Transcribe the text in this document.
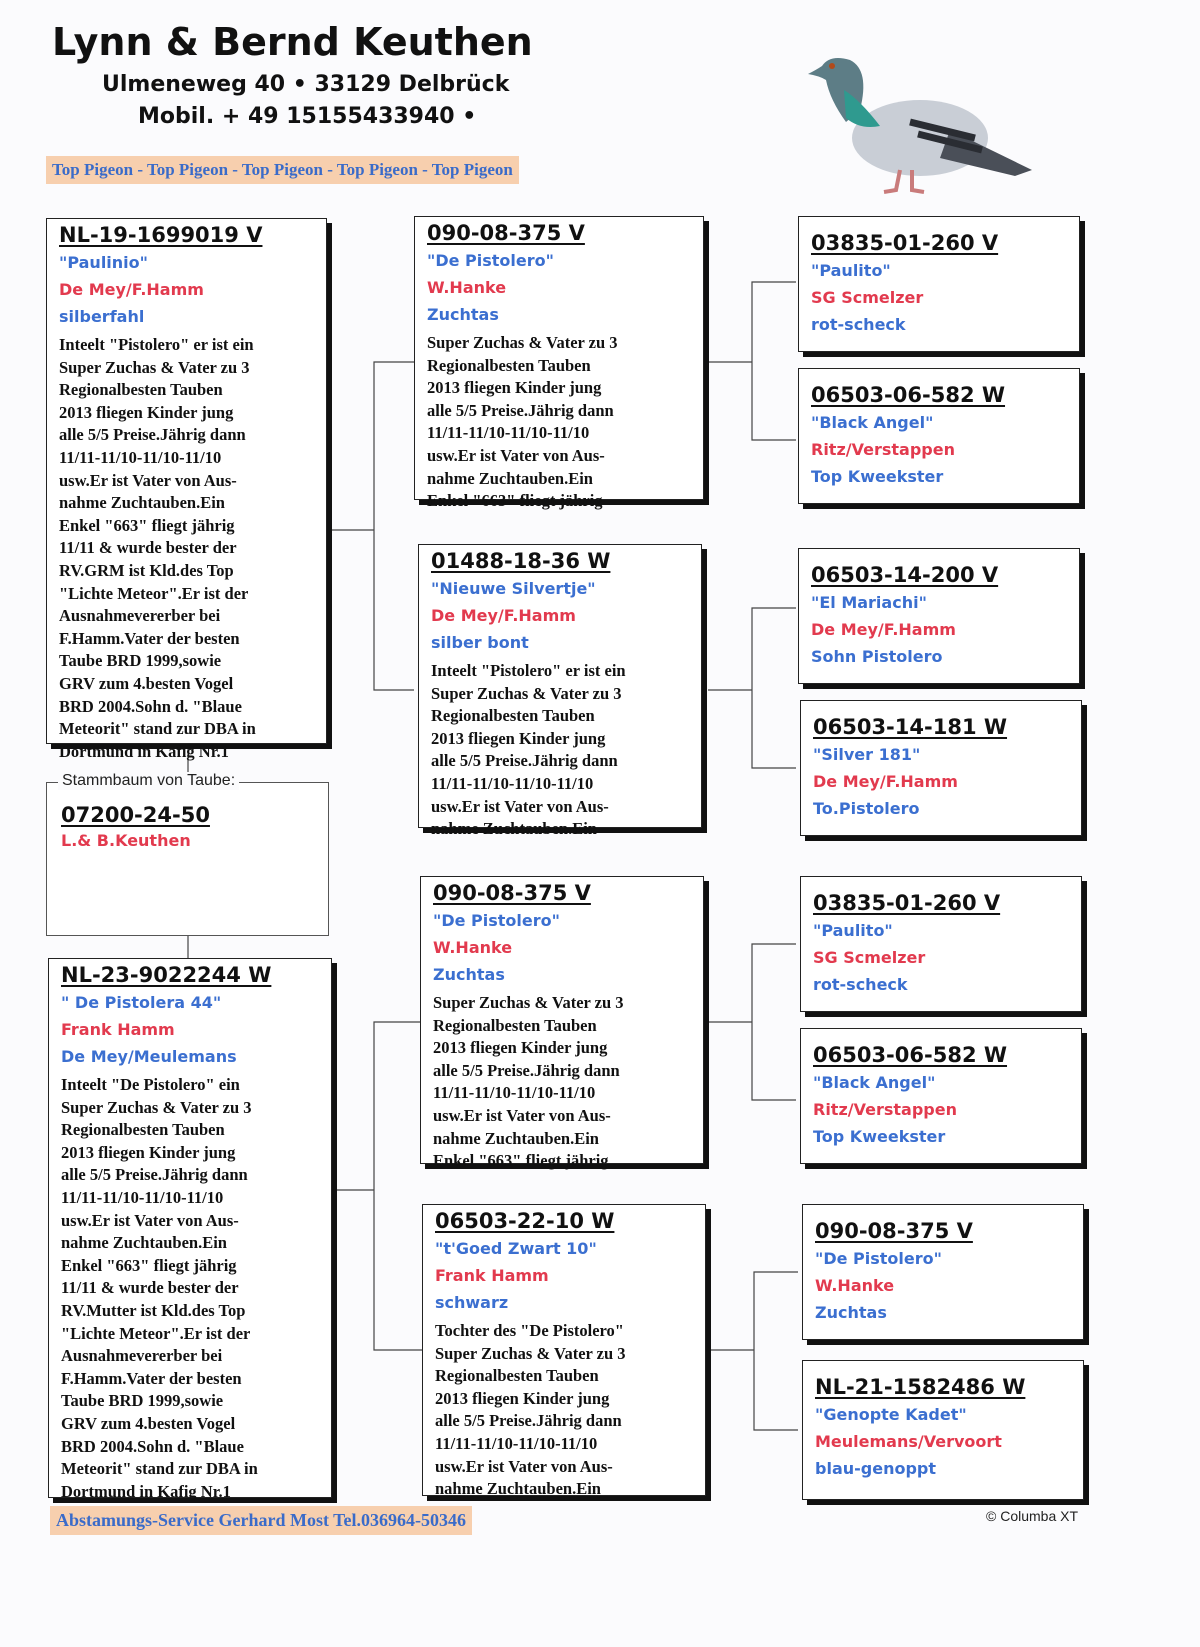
Lynn & Bernd Keuthen
Ulmeneweg 40 • 33129 Delbrück
Mobil. + 49 15155433940 •
Top Pigeon - Top Pigeon - Top Pigeon - Top Pigeon - Top Pigeon
NL-19-1699019 V
"Paulinio"
De Mey/F.Hamm
silberfahl
Inteelt "Pistolero" er ist ein
Super Zuchas & Vater zu 3
Regionalbesten Tauben
2013 fliegen Kinder jung
alle 5/5 Preise.Jährig dann
11/11-11/10-11/10-11/10
usw.Er ist Vater von Aus-
nahme Zuchtauben.Ein
Enkel "663" fliegt jährig
11/11 & wurde bester der
RV.GRM ist Kld.des Top
"Lichte Meteor".Er ist der
Ausnahmevererber bei
F.Hamm.Vater der besten
Taube BRD 1999,sowie
GRV zum 4.besten Vogel
BRD 2004.Sohn d. "Blaue
Meteorit" stand zur DBA in
Dortmund in Kafig Nr.1
07200-24-50
L.& B.Keuthen
Stammbaum von Taube:
NL-23-9022244 W
" De Pistolera 44"
Frank Hamm
De Mey/Meulemans
Inteelt "De Pistolero" ein
Super Zuchas & Vater zu 3
Regionalbesten Tauben
2013 fliegen Kinder jung
alle 5/5 Preise.Jährig dann
11/11-11/10-11/10-11/10
usw.Er ist Vater von Aus-
nahme Zuchtauben.Ein
Enkel "663" fliegt jährig
11/11 & wurde bester der
RV.Mutter ist Kld.des Top
"Lichte Meteor".Er ist der
Ausnahmevererber bei
F.Hamm.Vater der besten
Taube BRD 1999,sowie
GRV zum 4.besten Vogel
BRD 2004.Sohn d. "Blaue
Meteorit" stand zur DBA in
Dortmund in Kafig Nr.1
090-08-375 V
"De Pistolero"
W.Hanke
Zuchtas
Super Zuchas & Vater zu 3
Regionalbesten Tauben
2013 fliegen Kinder jung
alle 5/5 Preise.Jährig dann
11/11-11/10-11/10-11/10
usw.Er ist Vater von Aus-
nahme Zuchtauben.Ein
Enkel "663" fliegt jährig
01488-18-36 W
"Nieuwe Silvertje"
De Mey/F.Hamm
silber bont
Inteelt "Pistolero" er ist ein
Super Zuchas & Vater zu 3
Regionalbesten Tauben
2013 fliegen Kinder jung
alle 5/5 Preise.Jährig dann
11/11-11/10-11/10-11/10
usw.Er ist Vater von Aus-
nahme Zuchtauben.Ein
090-08-375 V
"De Pistolero"
W.Hanke
Zuchtas
Super Zuchas & Vater zu 3
Regionalbesten Tauben
2013 fliegen Kinder jung
alle 5/5 Preise.Jährig dann
11/11-11/10-11/10-11/10
usw.Er ist Vater von Aus-
nahme Zuchtauben.Ein
Enkel "663" fliegt jährig
06503-22-10 W
"t'Goed Zwart 10"
Frank Hamm
schwarz
Tochter des "De Pistolero"
Super Zuchas & Vater zu 3
Regionalbesten Tauben
2013 fliegen Kinder jung
alle 5/5 Preise.Jährig dann
11/11-11/10-11/10-11/10
usw.Er ist Vater von Aus-
nahme Zuchtauben.Ein
03835-01-260 V
"Paulito"
SG Scmelzer
rot-scheck
06503-06-582 W
"Black Angel"
Ritz/Verstappen
Top Kweekster
06503-14-200 V
"El Mariachi"
De Mey/F.Hamm
Sohn Pistolero
06503-14-181 W
"Silver 181"
De Mey/F.Hamm
To.Pistolero
03835-01-260 V
"Paulito"
SG Scmelzer
rot-scheck
06503-06-582 W
"Black Angel"
Ritz/Verstappen
Top Kweekster
090-08-375 V
"De Pistolero"
W.Hanke
Zuchtas
NL-21-1582486 W
"Genopte Kadet"
Meulemans/Vervoort
blau-genoppt
Abstamungs-Service Gerhard Most Tel.036964-50346	© Columba XT
